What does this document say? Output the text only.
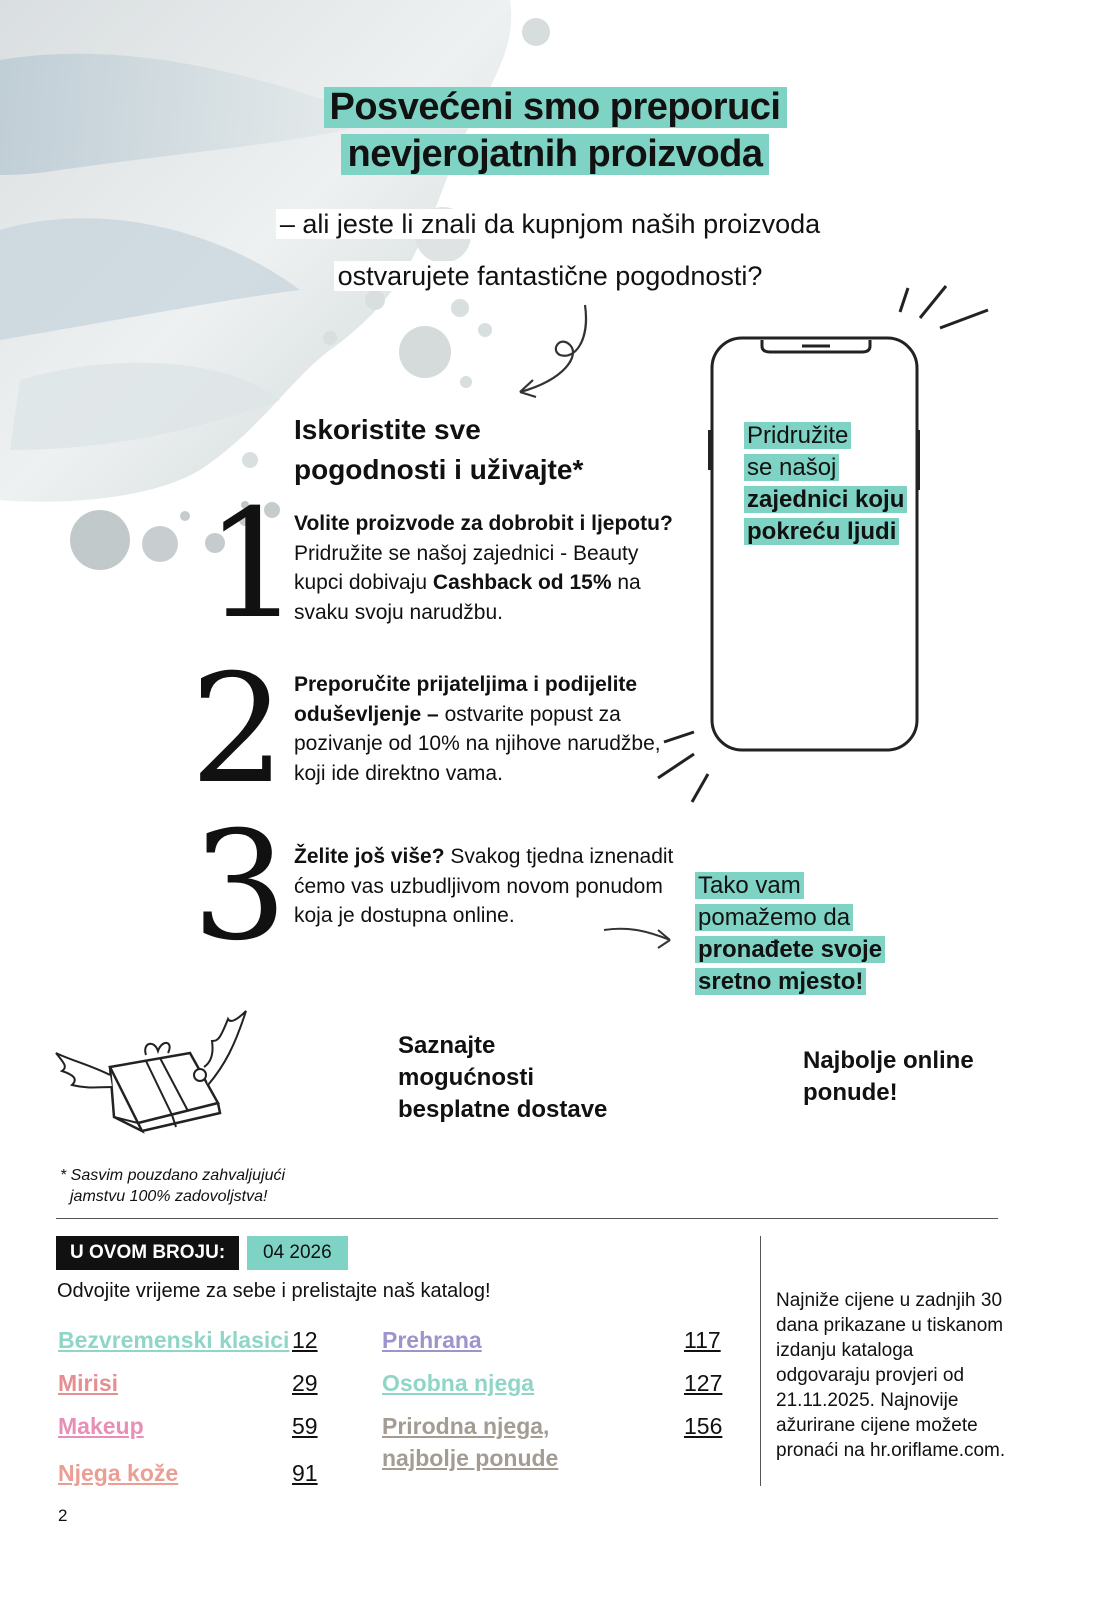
Posvećeni smo preporuci
nevjerojatnih proizvoda
– ali jeste li znali da kupnjom naših proizvoda
ostvarujete fantastične pogodnosti?
Iskoristite sve
pogodnosti i uživajte*
1
Volite proizvode za dobrobit i ljepotu? Pridružite se našoj zajednici - Beauty kupci dobivaju Cashback od 15% na svaku svoju narudžbu.
2 Preporučite prijateljima i podijelite oduševljenje – ostvarite popust za pozivanje od 10% na njihove narudžbe, koji ide direktno vama.
3 Želite još više? Svakog tjedna iznenadit ćemo vas uzbudljivom novom ponudom koja je dostupna online.
Pridružite
se našoj
zajednici koju
pokreću ljudi
Tako vam
pomažemo da
pronađete svoje
sretno mjesto!
Saznajte
mogućnosti
besplatne dostave
Najbolje online
ponude!
* Sasvim pouzdano zahvaljujući
jamstvu 100% zadovoljstva!
U OVOM BROJU:	04 2026
Odvojite vrijeme za sebe i prelistajte naš katalog!
Bezvremenski klasici 12
Mirisi	29
Makeup	59
Njega kože	91
Prehrana	117
Osobna njega	127
Prirodna njega,
najbolje ponude
156
Najniže cijene u zadnjih 30 dana prikazane u tiskanom izdanju kataloga odgovaraju provjeri od 21.11.2025. Najnovije ažurirane cijene možete pronaći na hr.oriflame.com.
2
